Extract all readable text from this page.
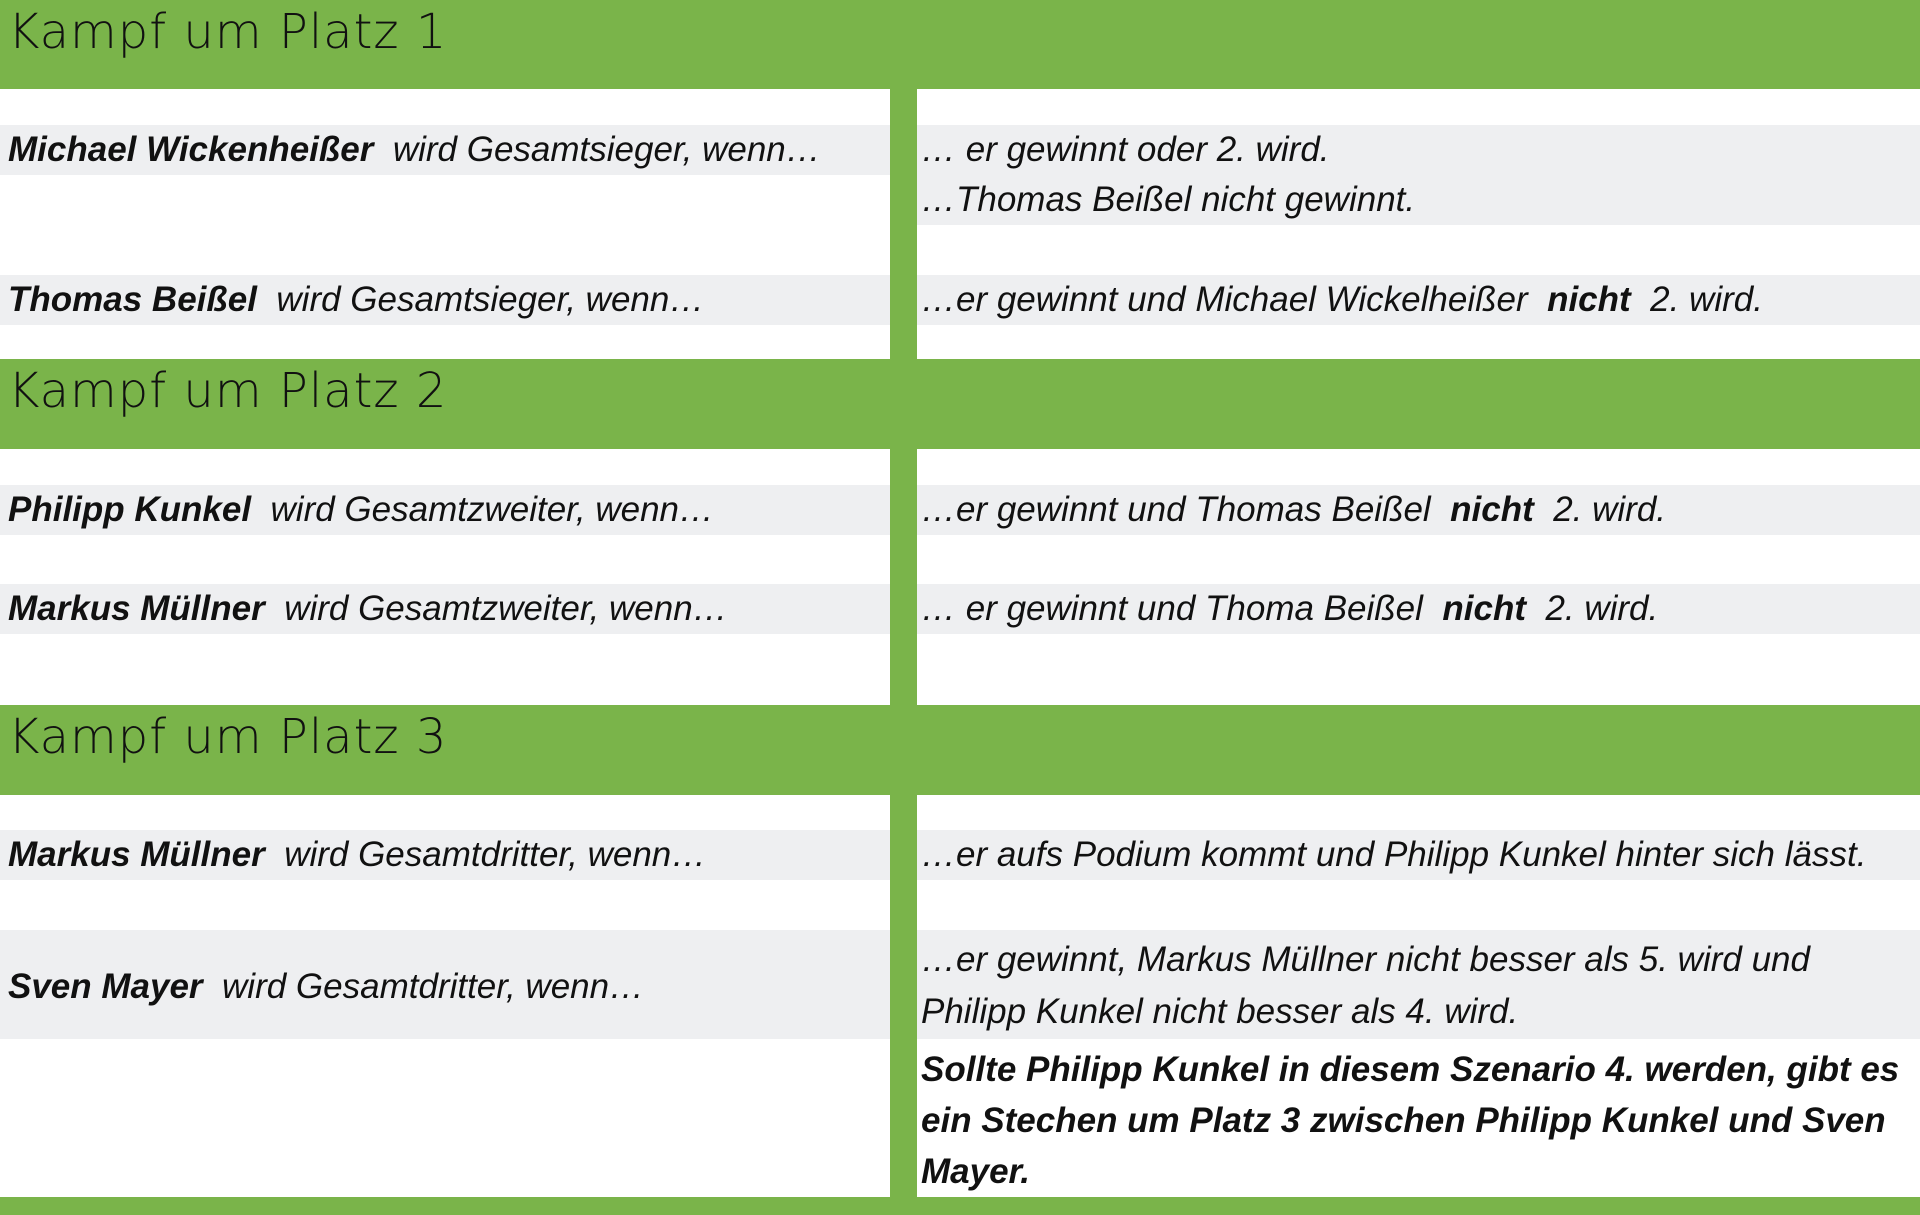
Kampf um Platz 1
Michael Wickenheißer wird Gesamtsieger, wenn…
Thomas Beißel wird Gesamtsieger, wenn…
… er gewinnt oder 2. wird.
…Thomas Beißel nicht gewinnt.
…er gewinnt und Michael Wickelheißer nicht 2. wird.
Kampf um Platz 2
Philipp Kunkel wird Gesamtzweiter, wenn…
Markus Müllner wird Gesamtzweiter, wenn…
…er gewinnt und Thomas Beißel nicht 2. wird.
… er gewinnt und Thoma Beißel nicht 2. wird.
Kampf um Platz 3
Markus Müllner wird Gesamtdritter, wenn…
Sven Mayer wird Gesamtdritter, wenn…
…er aufs Podium kommt und Philipp Kunkel hinter sich lässt.
…er gewinnt, Markus Müllner nicht besser als 5. wird und
Philipp Kunkel nicht besser als 4. wird.
Sollte Philipp Kunkel in diesem Szenario 4. werden, gibt es
ein Stechen um Platz 3 zwischen Philipp Kunkel und Sven
Mayer.
